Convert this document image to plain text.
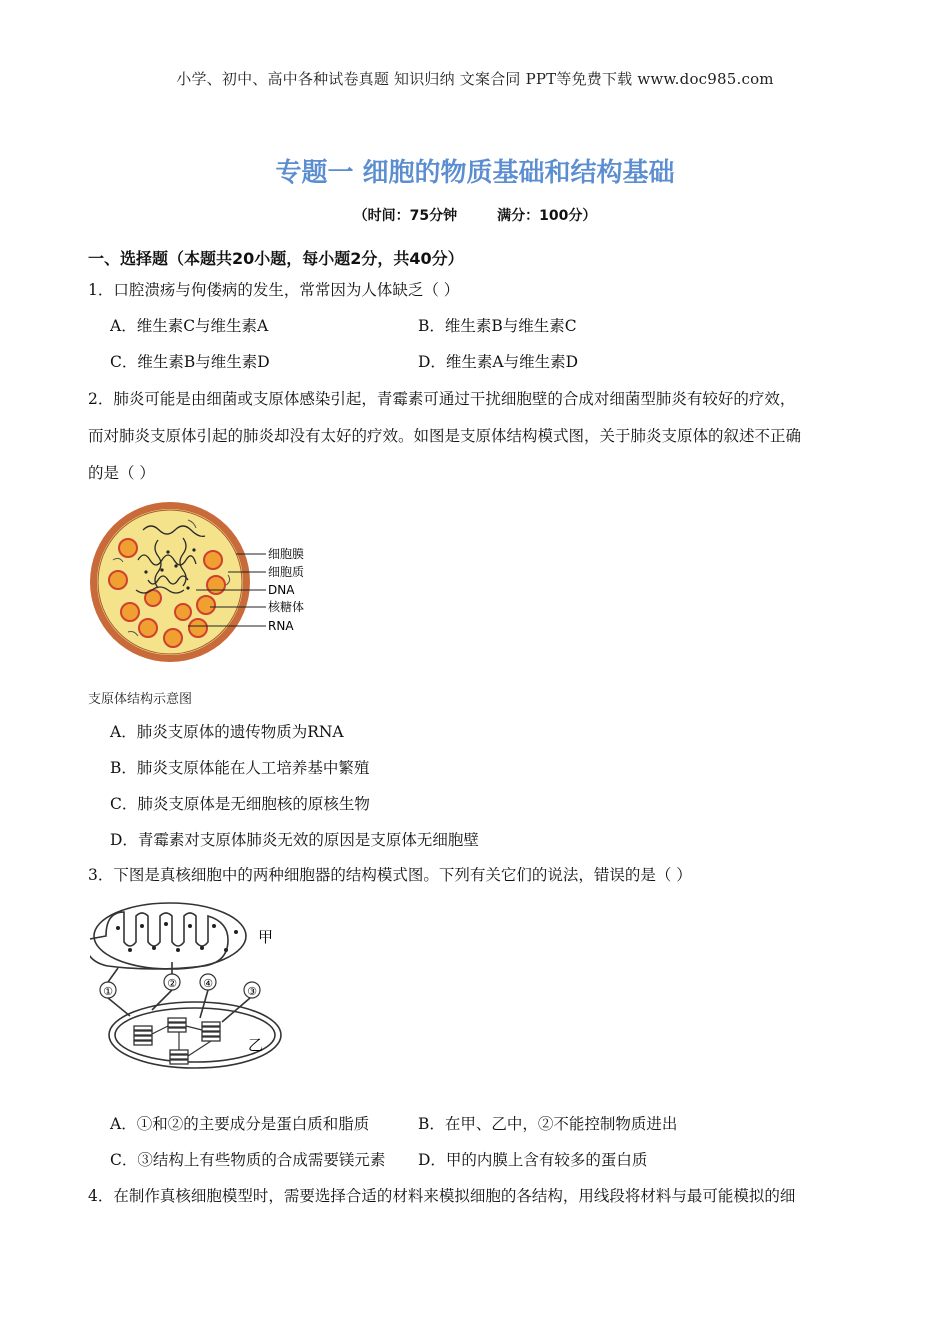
小学、初中、高中各种试卷真题 知识归纳 文案合同 PPT等免费下载 www.doc985.com
专题一 细胞的物质基础和结构基础
（时间：75分钟	满分：100分）
一、选择题（本题共20小题，每小题2分，共40分）
1．口腔溃疡与佝偻病的发生，常常因为人体缺乏（ ）
A．维生素C与维生素A	B．维生素B与维生素C
C．维生素B与维生素D	D．维生素A与维生素D
2．肺炎可能是由细菌或支原体感染引起，青霉素可通过干扰细胞壁的合成对细菌型肺炎有较好的疗效，
而对肺炎支原体引起的肺炎却没有太好的疗效。如图是支原体结构模式图，关于肺炎支原体的叙述不正确
的是（ ）
细胞膜
细胞质
DNA
核糖体
RNA
支原体结构示意图
A．肺炎支原体的遗传物质为RNA
B．肺炎支原体能在人工培养基中繁殖
C．肺炎支原体是无细胞核的原核生物
D．青霉素对支原体肺炎无效的原因是支原体无细胞壁
3．下图是真核细胞中的两种细胞器的结构模式图。下列有关它们的说法，错误的是（ ）
①
② ④
③
甲
乙
A．①和②的主要成分是蛋白质和脂质	B．在甲、乙中，②不能控制物质进出
C．③结构上有些物质的合成需要镁元素 D．甲的内膜上含有较多的蛋白质
4．在制作真核细胞模型时，需要选择合适的材料来模拟细胞的各结构，用线段将材料与最可能模拟的细
